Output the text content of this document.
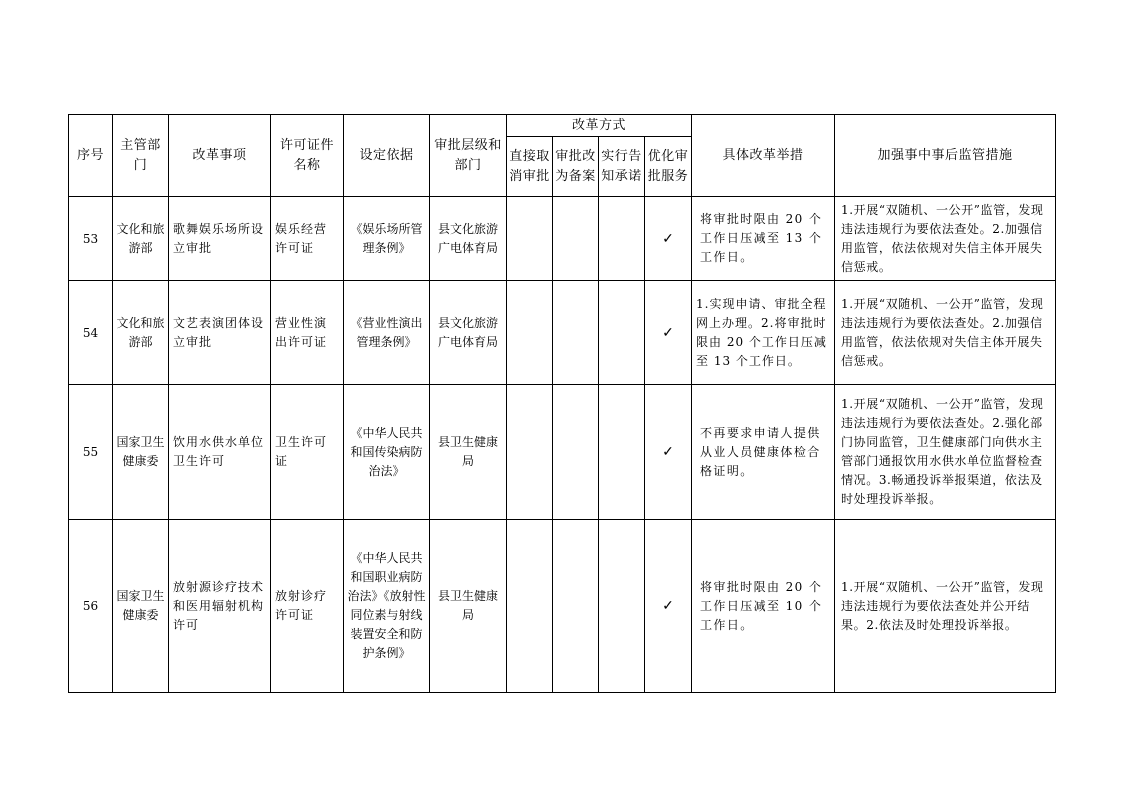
序号	主管部门	改革事项	许可证件名称	设定依据	审批层级和部门	改革方式				具体改革举措	加强事中事后监管措施
						直接取消审批	审批改为备案	实行告知承诺	优化审批服务		
53	文化和旅游部	歌舞娱乐场所设立审批	娱乐经营许可证	《娱乐场所管理条例》	县文化旅游广电体育局				✓	将审批时限由 20 个工作日压减至 13 个工作日。	1.开展“双随机、一公开”监管，发现违法违规行为要依法查处。2.加强信用监管，依法依规对失信主体开展失信惩戒。
54	文化和旅游部	文艺表演团体设立审批	营业性演出许可证	《营业性演出管理条例》	县文化旅游广电体育局				✓	1.实现申请、审批全程网上办理。2.将审批时限由 20 个工作日压减至 13 个工作日。	1.开展“双随机、一公开”监管，发现违法违规行为要依法查处。2.加强信用监管，依法依规对失信主体开展失信惩戒。
55	国家卫生健康委	饮用水供水单位卫生许可	卫生许可证	《中华人民共和国传染病防治法》	县卫生健康局				✓	不再要求申请人提供从业人员健康体检合格证明。	1.开展“双随机、一公开”监管，发现违法违规行为要依法查处。2.强化部门协同监管，卫生健康部门向供水主管部门通报饮用水供水单位监督检查情况。3.畅通投诉举报渠道，依法及时处理投诉举报。
56	国家卫生健康委	放射源诊疗技术和医用辐射机构许可	放射诊疗许可证	《中华人民共和国职业病防治法》《放射性同位素与射线装置安全和防护条例》	县卫生健康局				✓	将审批时限由 20 个工作日压减至 10 个工作日。	1.开展“双随机、一公开”监管，发现违法违规行为要依法查处并公开结果。2.依法及时处理投诉举报。
